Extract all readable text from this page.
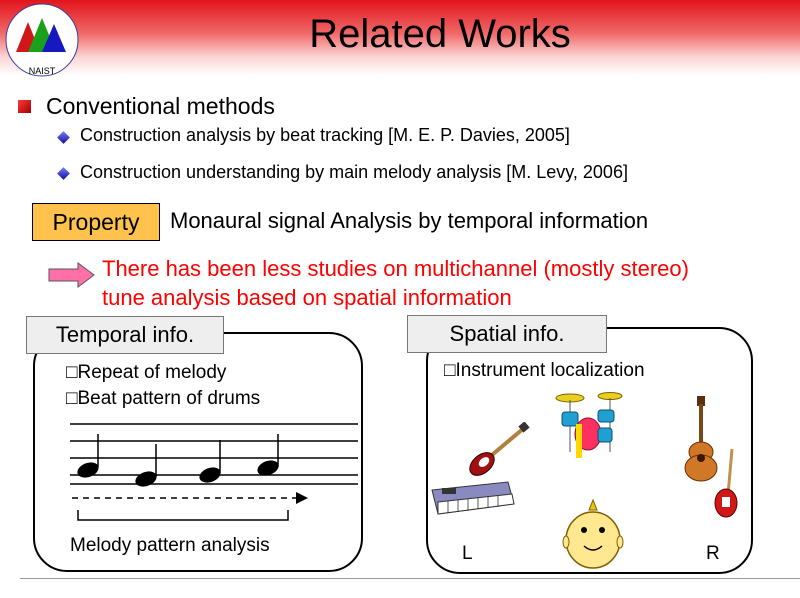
NAIST
Related Works
Conventional methods
Construction analysis by beat tracking [M. E. P. Davies, 2005]
Construction understanding by main melody analysis [M. Levy, 2006]
Property	Monaural signal Analysis by temporal information
There has been less studies on multichannel (mostly stereo)
tune analysis based on spatial information
Temporal info.
□Repeat of melody
□Beat pattern of drums
Melody pattern analysis
Spatial info.
□Instrument localization
L	R
